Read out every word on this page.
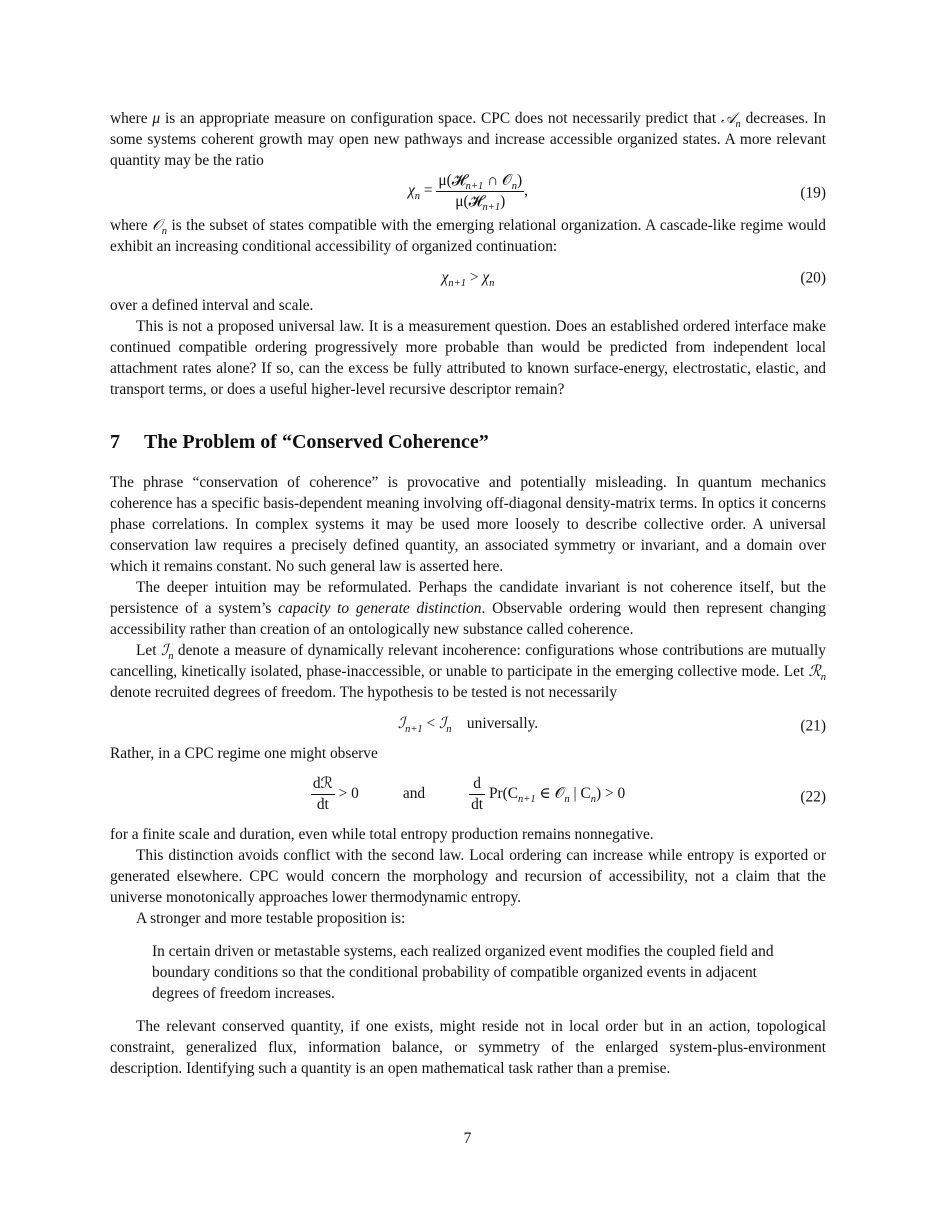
where μ is an appropriate measure on configuration space. CPC does not necessarily predict that 𝒜$_n$ decreases. In some systems coherent growth may open new pathways and increase accessible organized states. A more relevant quantity may be the ratio

$\chi_n = \frac{\mu(𝓗_{n+1} \cap 𝒪_n)}{\mu(𝓗_{n+1})}$ ,	(19)

where 𝒪$_n$ is the subset of states compatible with the emerging relational organization. A cascade-like regime would exhibit an increasing conditional accessibility of organized continuation:

$\chi_{n+1} > \chi_n$	(20)

over a defined interval and scale.

This is not a proposed universal law. It is a measurement question. Does an established ordered interface make continued compatible ordering progressively more probable than would be predicted from independent local attachment rates alone? If so, can the excess be fully attributed to known surface-energy, electrostatic, elastic, and transport terms, or does a useful higher-level recursive descriptor remain?

7 The Problem of “Conserved Coherence”

The phrase “conservation of coherence” is provocative and potentially misleading. In quantum mechanics coherence has a specific basis-dependent meaning involving off-diagonal density-matrix terms. In optics it concerns phase correlations. In complex systems it may be used more loosely to describe collective order. A universal conservation law requires a precisely defined quantity, an associated symmetry or invariant, and a domain over which it remains constant. No such general law is asserted here.

The deeper intuition may be reformulated. Perhaps the candidate invariant is not coherence itself, but the persistence of a system’s capacity to generate distinction. Observable ordering would then represent changing accessibility rather than creation of an ontologically new substance called coherence.

Let ℐ$_n$ denote a measure of dynamically relevant incoherence: configurations whose contributions are mutually cancelling, kinetically isolated, phase-inaccessible, or unable to participate in the emerging collective mode. Let ℛ$_n$ denote recruited degrees of freedom. The hypothesis to be tested is not necessarily

ℐ$_{n+1}$ < ℐ$_n$ universally.	(21)

Rather, in a CPC regime one might observe

$\frac{\text{dℛ}}{dt} > 0$	and	$\frac{d}{dt} Pr(C_{n+1}$ ∈ 𝒪$_n$ | $C_n) > 0$	(22)

for a finite scale and duration, even while total entropy production remains nonnegative.

This distinction avoids conflict with the second law. Local ordering can increase while entropy is exported or generated elsewhere. CPC would concern the morphology and recursion of accessibility, not a claim that the universe monotonically approaches lower thermodynamic entropy.

A stronger and more testable proposition is:

In certain driven or metastable systems, each realized organized event modifies the coupled field and boundary conditions so that the conditional probability of compatible organized events in adjacent degrees of freedom increases.

The relevant conserved quantity, if one exists, might reside not in local order but in an action, topological constraint, generalized flux, information balance, or symmetry of the enlarged system-plus-environment description. Identifying such a quantity is an open mathematical task rather than a premise.

7
